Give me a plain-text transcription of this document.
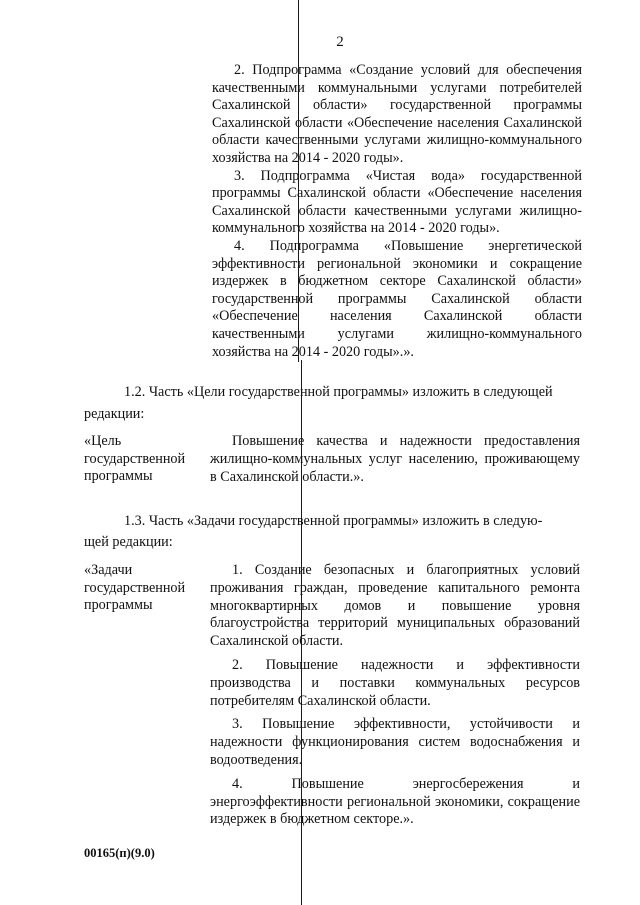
2

2. Подпрограмма «Создание условий для обеспечения качественными коммунальными услугами потребителей Сахалинской области» государственной программы Сахалинской области «Обеспечение населения Сахалинской области качественными услугами жилищно-коммунального хозяйства на 2014 - 2020 годы».

3. Подпрограмма «Чистая вода» государственной программы Сахалинской области «Обеспечение населения Сахалинской области качественными услугами жилищно-коммунального хозяйства на 2014 - 2020 годы».

4. Подпрограмма «Повышение энергетической эффективности региональной экономики и сокращение издержек в бюджетном секторе Сахалинской области» государственной программы Сахалинской области «Обеспечение населения Сахалинской области качественными услугами жилищно-коммунального хозяйства на 2014 - 2020 годы».».

1.2. Часть «Цели государственной программы» изложить в следующей
редакции:
«Цель государственной программы

Повышение качества и надежности предоставления жилищно-коммунальных услуг населению, проживающему в Сахалинской области.».

1.3. Часть «Задачи государственной программы» изложить в следую-
щей редакции:
«Задачи государственной программы

1. Создание безопасных и благоприятных условий проживания граждан, проведение капитального ремонта многоквартирных домов и повышение уровня благоустройства территорий муниципальных образований Сахалинской области.

2. Повышение надежности и эффективности производства и поставки коммунальных ресурсов потребителям Сахалинской области.

3. Повышение эффективности, устойчивости и надежности функционирования систем водоснабжения и водоотведения.

4. Повышение энергосбережения и энергоэффективности региональной экономики, сокращение издержек в бюджетном секторе.».

00165(п)(9.0)
